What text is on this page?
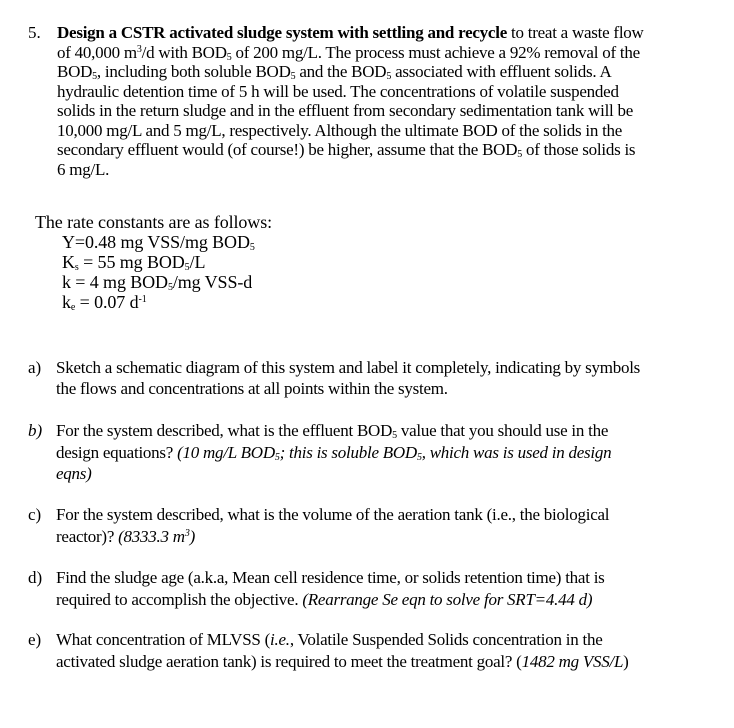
5. Design a CSTR activated sludge system with settling and recycle to treat a waste flow
of 40,000 $m^3/d$ with $BOD_5$ of 200 mg/L. The process must achieve a 92% removal of the
$BOD_5$, including both soluble $BOD_5$ and the $BOD_5$ associated with effluent solids. A
hydraulic detention time of 5 h will be used. The concentrations of volatile suspended
solids in the return sludge and in the effluent from secondary sedimentation tank will be
10,000 mg/L and 5 mg/L, respectively. Although the ultimate BOD of the solids in the
secondary effluent would (of course!) be higher, assume that the $BOD_5$ of those solids is
6 mg/L.
The rate constants are as follows:
Y=0.48 mg VSS/mg $BOD_5$
$K_s = 55$ mg $BOD_5/L$
k = 4 mg $BOD_5/mg$ VSS-d
$k_e = 0.07$ $d^{-1}$
a) Sketch a schematic diagram of this system and label it completely, indicating by symbols
the flows and concentrations at all points within the system.
b) For the system described, what is the effluent $BOD_5$ value that you should use in the
design equations? (10 mg/L $BOD_5$; this is soluble $BOD_5$, which was is used in design
eqns)
c) For the system described, what is the volume of the aeration tank (i.e., the biological
reactor)? (8333.3 $m^3$)
d) Find the sludge age (a.k.a, Mean cell residence time, or solids retention time) that is
required to accomplish the objective. (Rearrange Se eqn to solve for SRT=4.44 d)
e) What concentration of MLVSS (i.e., Volatile Suspended Solids concentration in the
activated sludge aeration tank) is required to meet the treatment goal? (1482 mg VSS/L)
